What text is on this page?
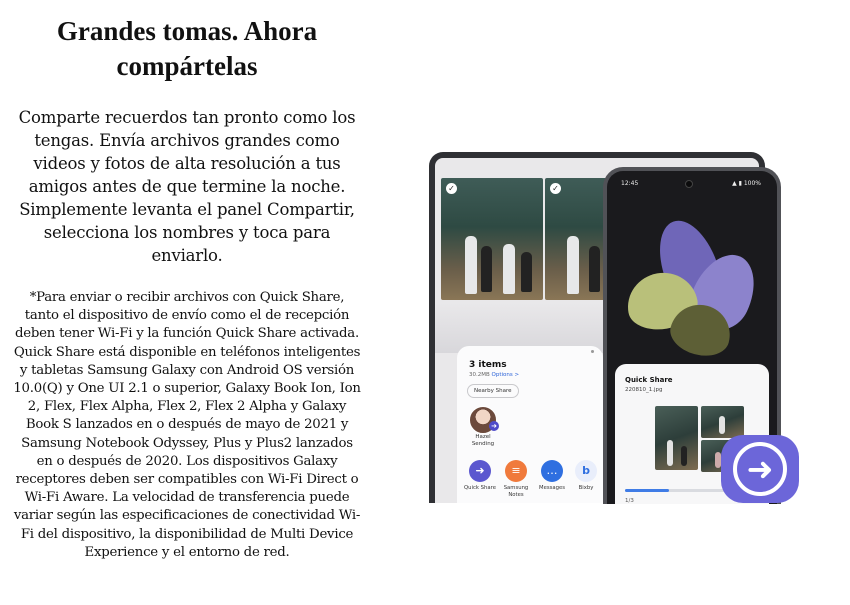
Grandes tomas. Ahora compártelas

Comparte recuerdos tan pronto como los tengas. Envía archivos grandes como videos y fotos de alta resolución a tus amigos antes de que termine la noche. Simplemente levanta el panel Compartir, selecciona los nombres y toca para enviarlo.

*Para enviar o recibir archivos con Quick Share, tanto el dispositivo de envío como el de recepción deben tener Wi-Fi y la función Quick Share activada. Quick Share está disponible en teléfonos inteligentes y tabletas Samsung Galaxy con Android OS versión 10.0(Q) y One UI 2.1 o superior, Galaxy Book Ion, Ion 2, Flex, Flex Alpha, Flex 2, Flex 2 Alpha y Galaxy Book S lanzados en o después de mayo de 2021 y Samsung Notebook Odyssey, Plus y Plus2 lanzados en o después de 2020. Los dispositivos Galaxy receptores deben ser compatibles con Wi-Fi Direct o Wi-Fi Aware. La velocidad de transferencia puede variar según las especificaciones de conectividad Wi-Fi del dispositivo, la disponibilidad de Multi Device Experience y el entorno de red.

✓	✓
3 items
30.2MB Options >
Nearby Share
➜
Hazel Sending
➜
Quick Share
≡
Samsung Notes
…
Messages
b
Bixby
12:45	▲ ▮ 100%
Quick Share
220810_1.jpg
1/3
➜
